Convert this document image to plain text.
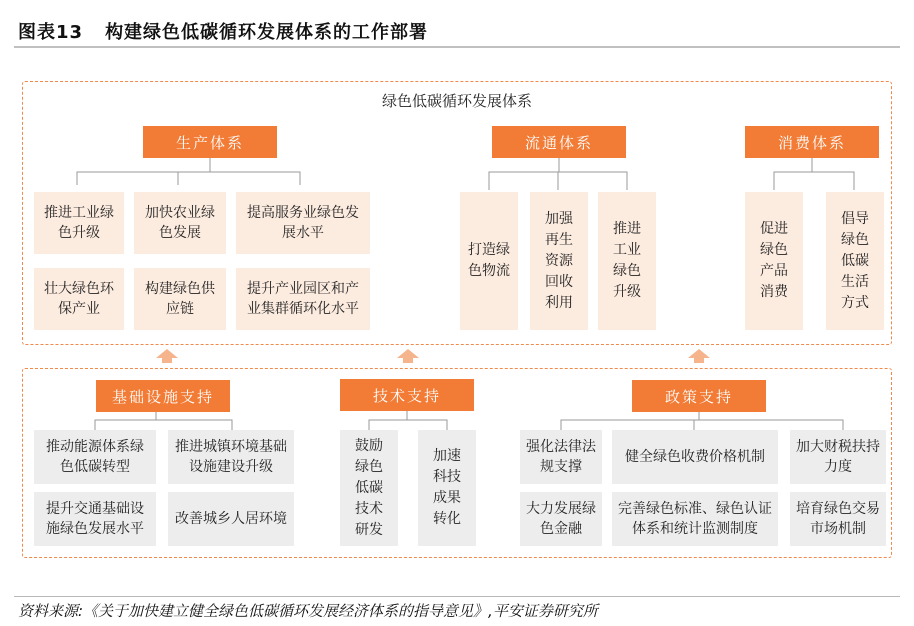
图表13 构建绿色低碳循环发展体系的工作部署
绿色低碳循环发展体系
生产体系
推进工业绿色升级
加快农业绿色发展
提高服务业绿色发展水平
壮大绿色环保产业
构建绿色供应链
提升产业园区和产业集群循环化水平
流通体系
打造绿色物流
加强再生资源回收利用
推进工业绿色升级
消费体系
促进绿色产品消费
倡导绿色低碳生活方式
基础设施支持
推动能源体系绿色低碳转型
推进城镇环境基础设施建设升级
提升交通基础设施绿色发展水平
改善城乡人居环境
技术支持
鼓励绿色低碳技术研发
加速科技成果转化
政策支持
强化法律法规支撑
健全绿色收费价格机制
加大财税扶持力度
大力发展绿色金融
完善绿色标准、绿色认证体系和统计监测制度
培育绿色交易市场机制
资料来源:《关于加快建立健全绿色低碳循环发展经济体系的指导意见》,平安证券研究所
